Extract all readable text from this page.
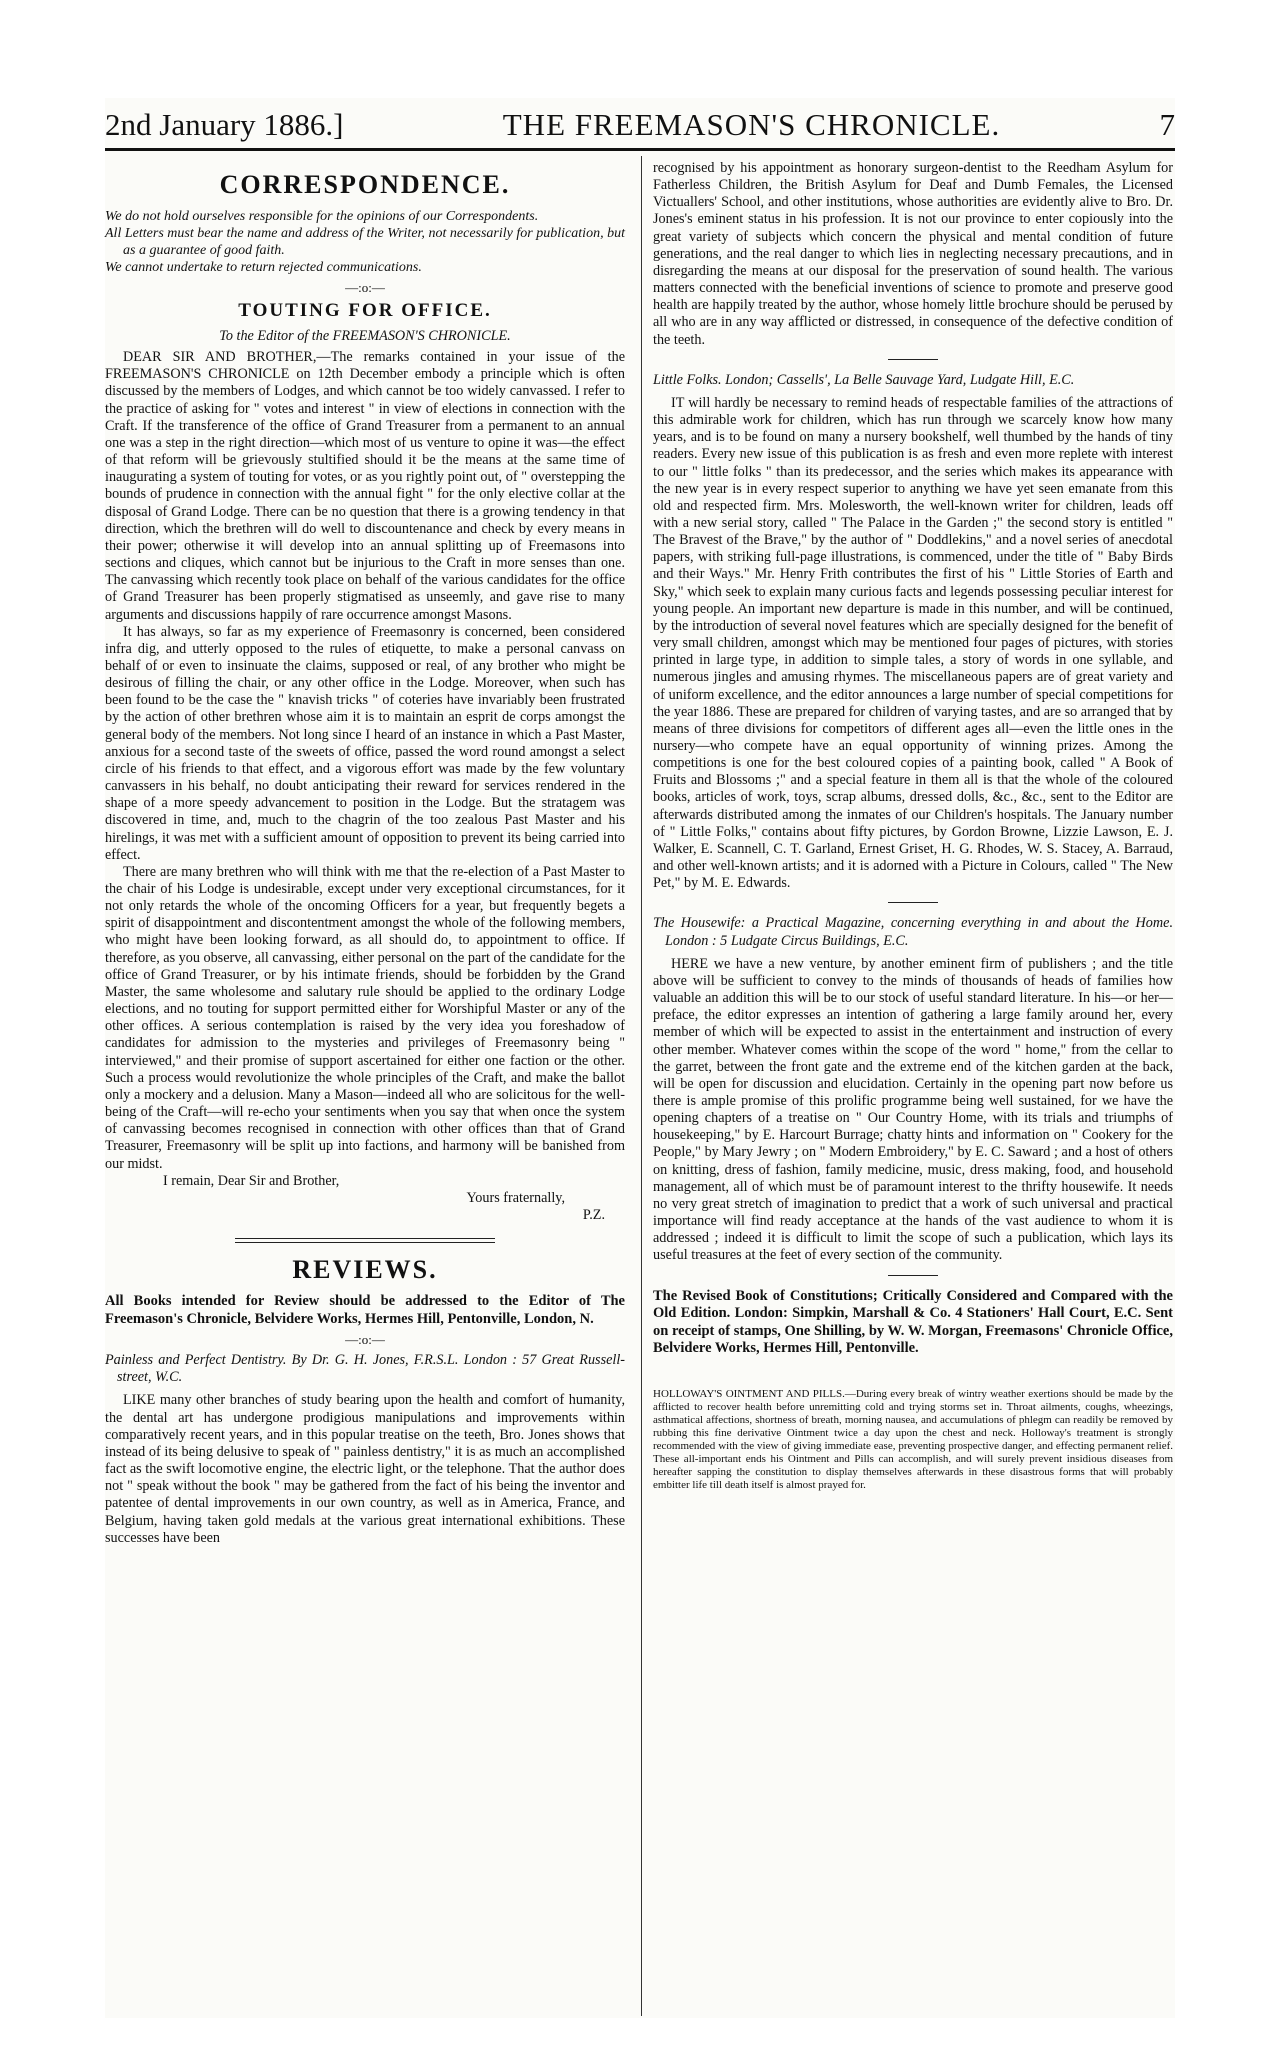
2nd January 1886.]	THE FREEMASON'S CHRONICLE.	7
CORRESPONDENCE.

We do not hold ourselves responsible for the opinions of our Correspondents.

All Letters must bear the name and address of the Writer, not necessarily for publication, but as a guarantee of good faith.

We cannot undertake to return rejected communications.

—:o:—

TOUTING FOR OFFICE.

To the Editor of the FREEMASON'S CHRONICLE.

DEAR SIR AND BROTHER,—The remarks contained in your issue of the FREEMASON'S CHRONICLE on 12th December embody a principle which is often discussed by the members of Lodges, and which cannot be too widely canvassed. I refer to the practice of asking for " votes and interest " in view of elections in connection with the Craft. If the transference of the office of Grand Treasurer from a permanent to an annual one was a step in the right direction—which most of us venture to opine it was—the effect of that reform will be grievously stultified should it be the means at the same time of inaugurating a system of touting for votes, or as you rightly point out, of " overstepping the bounds of prudence in connection with the annual fight " for the only elective collar at the disposal of Grand Lodge. There can be no question that there is a growing tendency in that direction, which the brethren will do well to discountenance and check by every means in their power; otherwise it will develop into an annual splitting up of Freemasons into sections and cliques, which cannot but be injurious to the Craft in more senses than one. The canvassing which recently took place on behalf of the various candidates for the office of Grand Treasurer has been properly stigmatised as unseemly, and gave rise to many arguments and discussions happily of rare occurrence amongst Masons.

It has always, so far as my experience of Freemasonry is concerned, been considered infra dig, and utterly opposed to the rules of etiquette, to make a personal canvass on behalf of or even to insinuate the claims, supposed or real, of any brother who might be desirous of filling the chair, or any other office in the Lodge. Moreover, when such has been found to be the case the " knavish tricks " of coteries have invariably been frustrated by the action of other brethren whose aim it is to maintain an esprit de corps amongst the general body of the members. Not long since I heard of an instance in which a Past Master, anxious for a second taste of the sweets of office, passed the word round amongst a select circle of his friends to that effect, and a vigorous effort was made by the few voluntary canvassers in his behalf, no doubt anticipating their reward for services rendered in the shape of a more speedy advancement to position in the Lodge. But the stratagem was discovered in time, and, much to the chagrin of the too zealous Past Master and his hirelings, it was met with a sufficient amount of opposition to prevent its being carried into effect.

There are many brethren who will think with me that the re-election of a Past Master to the chair of his Lodge is undesirable, except under very exceptional circumstances, for it not only retards the whole of the oncoming Officers for a year, but frequently begets a spirit of disappointment and discontentment amongst the whole of the following members, who might have been looking forward, as all should do, to appointment to office. If therefore, as you observe, all canvassing, either personal on the part of the candidate for the office of Grand Treasurer, or by his intimate friends, should be forbidden by the Grand Master, the same wholesome and salutary rule should be applied to the ordinary Lodge elections, and no touting for support permitted either for Worshipful Master or any of the other offices. A serious contemplation is raised by the very idea you foreshadow of candidates for admission to the mysteries and privileges of Freemasonry being " interviewed," and their promise of support ascertained for either one faction or the other. Such a process would revolutionize the whole principles of the Craft, and make the ballot only a mockery and a delusion. Many a Mason—indeed all who are solicitous for the well-being of the Craft—will re-echo your sentiments when you say that when once the system of canvassing becomes recognised in connection with other offices than that of Grand Treasurer, Freemasonry will be split up into factions, and harmony will be banished from our midst.

I remain, Dear Sir and Brother,

Yours fraternally,

P.Z.

REVIEWS.

All Books intended for Review should be addressed to the Editor of The Freemason's Chronicle, Belvidere Works, Hermes Hill, Pentonville, London, N.

—:o:—

Painless and Perfect Dentistry. By Dr. G. H. Jones, F.R.S.L. London : 57 Great Russell-street, W.C.

LIKE many other branches of study bearing upon the health and comfort of humanity, the dental art has undergone prodigious manipulations and improvements within comparatively recent years, and in this popular treatise on the teeth, Bro. Jones shows that instead of its being delusive to speak of " painless dentistry," it is as much an accomplished fact as the swift locomotive engine, the electric light, or the telephone. That the author does not " speak without the book " may be gathered from the fact of his being the inventor and patentee of dental improvements in our own country, as well as in America, France, and Belgium, having taken gold medals at the various great international exhibitions. These successes have been

recognised by his appointment as honorary surgeon-dentist to the Reedham Asylum for Fatherless Children, the British Asylum for Deaf and Dumb Females, the Licensed Victuallers' School, and other institutions, whose authorities are evidently alive to Bro. Dr. Jones's eminent status in his profession. It is not our province to enter copiously into the great variety of subjects which concern the physical and mental condition of future generations, and the real danger to which lies in neglecting necessary precautions, and in disregarding the means at our disposal for the preservation of sound health. The various matters connected with the beneficial inventions of science to promote and preserve good health are happily treated by the author, whose homely little brochure should be perused by all who are in any way afflicted or distressed, in consequence of the defective condition of the teeth.

Little Folks. London; Cassells', La Belle Sauvage Yard, Ludgate Hill, E.C.

IT will hardly be necessary to remind heads of respectable families of the attractions of this admirable work for children, which has run through we scarcely know how many years, and is to be found on many a nursery bookshelf, well thumbed by the hands of tiny readers. Every new issue of this publication is as fresh and even more replete with interest to our " little folks " than its predecessor, and the series which makes its appearance with the new year is in every respect superior to anything we have yet seen emanate from this old and respected firm. Mrs. Molesworth, the well-known writer for children, leads off with a new serial story, called " The Palace in the Garden ;" the second story is entitled " The Bravest of the Brave," by the author of " Doddlekins," and a novel series of anecdotal papers, with striking full-page illustrations, is commenced, under the title of " Baby Birds and their Ways." Mr. Henry Frith contributes the first of his " Little Stories of Earth and Sky," which seek to explain many curious facts and legends possessing peculiar interest for young people. An important new departure is made in this number, and will be continued, by the introduction of several novel features which are specially designed for the benefit of very small children, amongst which may be mentioned four pages of pictures, with stories printed in large type, in addition to simple tales, a story of words in one syllable, and numerous jingles and amusing rhymes. The miscellaneous papers are of great variety and of uniform excellence, and the editor announces a large number of special competitions for the year 1886. These are prepared for children of varying tastes, and are so arranged that by means of three divisions for competitors of different ages all—even the little ones in the nursery—who compete have an equal opportunity of winning prizes. Among the competitions is one for the best coloured copies of a painting book, called " A Book of Fruits and Blossoms ;" and a special feature in them all is that the whole of the coloured books, articles of work, toys, scrap albums, dressed dolls, &c., &c., sent to the Editor are afterwards distributed among the inmates of our Children's hospitals. The January number of " Little Folks," contains about fifty pictures, by Gordon Browne, Lizzie Lawson, E. J. Walker, E. Scannell, C. T. Garland, Ernest Griset, H. G. Rhodes, W. S. Stacey, A. Barraud, and other well-known artists; and it is adorned with a Picture in Colours, called " The New Pet," by M. E. Edwards.

The Housewife: a Practical Magazine, concerning everything in and about the Home. London : 5 Ludgate Circus Buildings, E.C.

HERE we have a new venture, by another eminent firm of publishers ; and the title above will be sufficient to convey to the minds of thousands of heads of families how valuable an addition this will be to our stock of useful standard literature. In his—or her—preface, the editor expresses an intention of gathering a large family around her, every member of which will be expected to assist in the entertainment and instruction of every other member. Whatever comes within the scope of the word " home," from the cellar to the garret, between the front gate and the extreme end of the kitchen garden at the back, will be open for discussion and elucidation. Certainly in the opening part now before us there is ample promise of this prolific programme being well sustained, for we have the opening chapters of a treatise on " Our Country Home, with its trials and triumphs of housekeeping," by E. Harcourt Burrage; chatty hints and information on " Cookery for the People," by Mary Jewry ; on " Modern Embroidery," by E. C. Saward ; and a host of others on knitting, dress of fashion, family medicine, music, dress making, food, and household management, all of which must be of paramount interest to the thrifty housewife. It needs no very great stretch of imagination to predict that a work of such universal and practical importance will find ready acceptance at the hands of the vast audience to whom it is addressed ; indeed it is difficult to limit the scope of such a publication, which lays its useful treasures at the feet of every section of the community.

The Revised Book of Constitutions; Critically Considered and Compared with the Old Edition. London: Simpkin, Marshall & Co. 4 Stationers' Hall Court, E.C. Sent on receipt of stamps, One Shilling, by W. W. Morgan, Freemasons' Chronicle Office, Belvidere Works, Hermes Hill, Pentonville.

HOLLOWAY'S OINTMENT AND PILLS.—During every break of wintry weather exertions should be made by the afflicted to recover health before unremitting cold and trying storms set in. Throat ailments, coughs, wheezings, asthmatical affections, shortness of breath, morning nausea, and accumulations of phlegm can readily be removed by rubbing this fine derivative Ointment twice a day upon the chest and neck. Holloway's treatment is strongly recommended with the view of giving immediate ease, preventing prospective danger, and effecting permanent relief. These all-important ends his Ointment and Pills can accomplish, and will surely prevent insidious diseases from hereafter sapping the constitution to display themselves afterwards in these disastrous forms that will probably embitter life till death itself is almost prayed for.
